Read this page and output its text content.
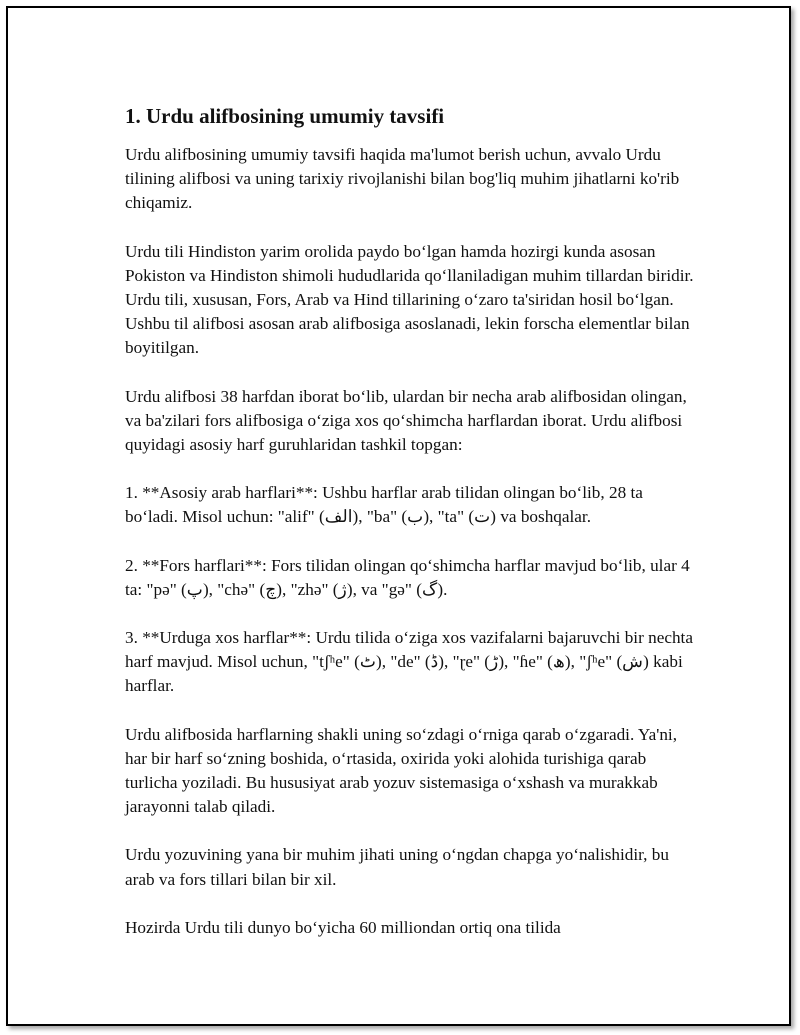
1. Urdu alifbosining umumiy tavsifi

Urdu alifbosining umumiy tavsifi haqida ma'lumot berish uchun, avvalo Urdu tilining alifbosi va uning tarixiy rivojlanishi bilan bog'liq muhim jihatlarni ko'rib chiqamiz.

Urdu tili Hindiston yarim orolida paydo bo‘lgan hamda hozirgi kunda asosan Pokiston va Hindiston shimoli hududlarida qo‘llaniladigan muhim tillardan biridir. Urdu tili, xususan, Fors, Arab va Hind tillarining o‘zaro ta'siridan hosil bo‘lgan. Ushbu til alifbosi asosan arab alifbosiga asoslanadi, lekin forscha elementlar bilan boyitilgan.

Urdu alifbosi 38 harfdan iborat bo‘lib, ulardan bir necha arab alifbosidan olingan, va ba'zilari fors alifbosiga o‘ziga xos qo‘shimcha harflardan iborat. Urdu alifbosi quyidagi asosiy harf guruhlaridan tashkil topgan:

1. **Asosiy arab harflari**: Ushbu harflar arab tilidan olingan bo‘lib, 28 ta bo‘ladi. Misol uchun: "alif" (الف), "ba" (ب), "ta" (ت) va boshqalar.

2. **Fors harflari**: Fors tilidan olingan qo‘shimcha harflar mavjud bo‘lib, ular 4 ta: "pə" (پ), "chə" (چ), "zhə" (ژ), va "gə" (گ).

3. **Urduga xos harflar**: Urdu tilida o‘ziga xos vazifalarni bajaruvchi bir nechta harf mavjud. Misol uchun, "tʃʰe" (ٹ), "de" (ڈ), "ɽe" (ڑ), "ɦe" (ھ), "ʃʰe" (ش) kabi harflar.

Urdu alifbosida harflarning shakli uning so‘zdagi o‘rniga qarab o‘zgaradi. Ya'ni, har bir harf so‘zning boshida, o‘rtasida, oxirida yoki alohida turishiga qarab turlicha yoziladi. Bu hususiyat arab yozuv sistemasiga o‘xshash va murakkab jarayonni talab qiladi.

Urdu yozuvining yana bir muhim jihati uning o‘ngdan chapga yo‘nalishidir, bu arab va fors tillari bilan bir xil.

Hozirda Urdu tili dunyo bo‘yicha 60 milliondan ortiq ona tilida
